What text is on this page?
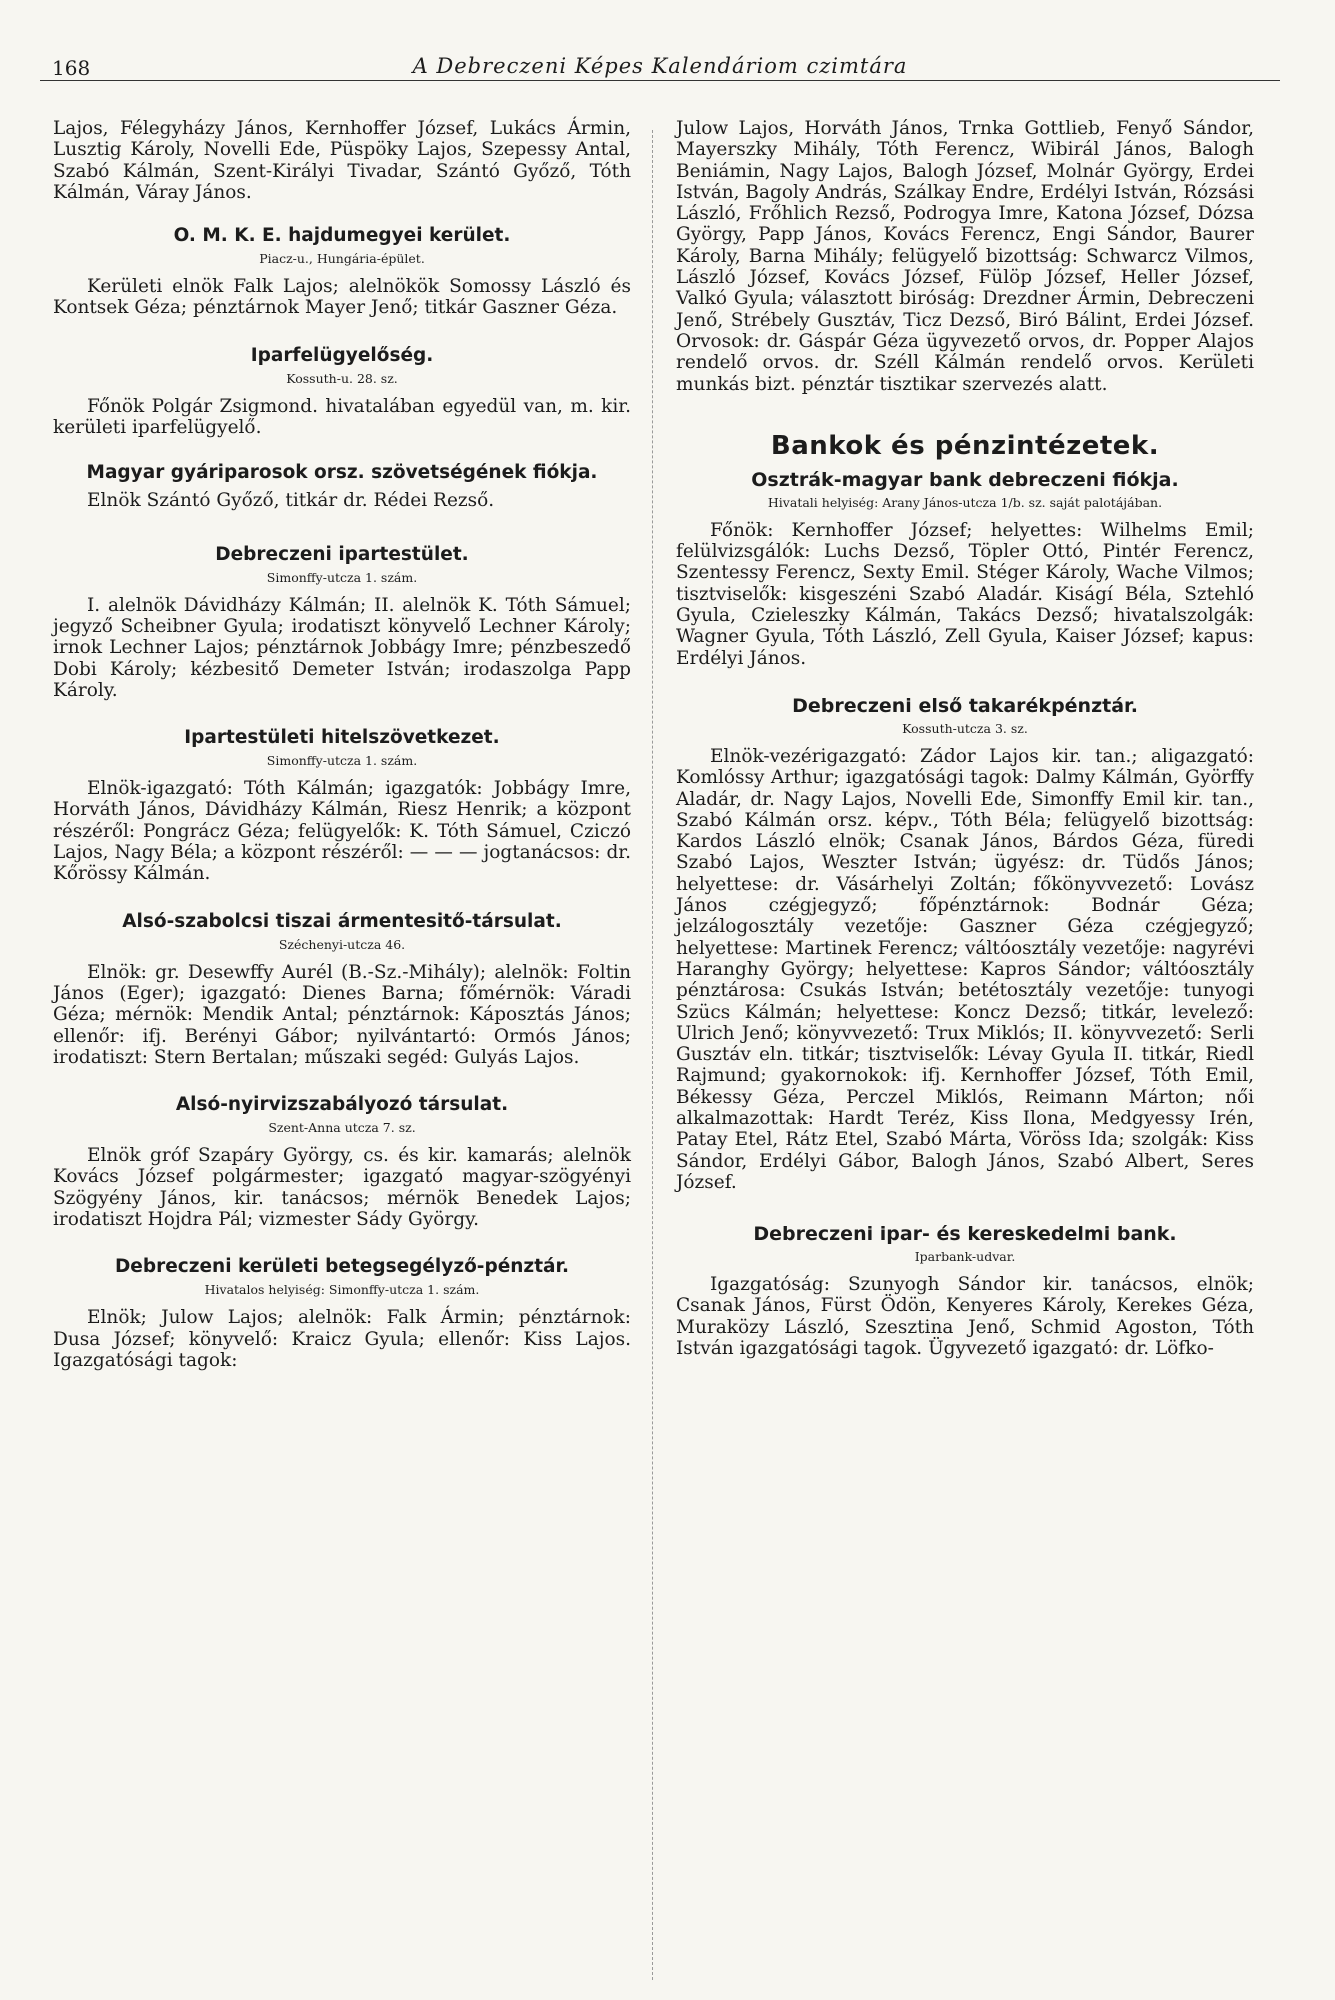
168	A Debreczeni Képes Kalendáriom czimtára

Lajos, Félegyházy János, Kernhoffer József, Lukács Ármin, Lusztig Károly, Novelli Ede, Püspöky Lajos, Szepessy Antal, Szabó Kálmán, Szent-Királyi Tivadar, Szántó Győző, Tóth Kálmán, Váray János.

O. M. K. E. hajdumegyei kerület.
Piacz-u., Hungária-épület.

Kerületi elnök Falk Lajos; alelnökök Somossy László és Kontsek Géza; pénztárnok Mayer Jenő; titkár Gaszner Géza.

Iparfelügyelőség.
Kossuth-u. 28. sz.

Főnök Polgár Zsigmond. hivatalában egyedül van, m. kir. kerületi iparfelügyelő.

Magyar gyáriparosok orsz. szövetségének fiókja.

Elnök Szántó Győző, titkár dr. Rédei Rezső.

Debreczeni ipartestület.
Simonffy-utcza 1. szám.

I. alelnök Dávidházy Kálmán; II. alelnök K. Tóth Sámuel; jegyző Scheibner Gyula; irodatiszt könyvelő Lechner Károly; irnok Lechner Lajos; pénztárnok Jobbágy Imre; pénzbeszedő Dobi Károly; kézbesitő Demeter István; irodaszolga Papp Károly.

Ipartestületi hitelszövetkezet.
Simonffy-utcza 1. szám.

Elnök-igazgató: Tóth Kálmán; igazgatók: Jobbágy Imre, Horváth János, Dávidházy Kálmán, Riesz Henrik; a központ részéről: Pongrácz Géza; felügyelők: K. Tóth Sámuel, Cziczó Lajos, Nagy Béla; a központ részéről: — — — jogtanácsos: dr. Kőrössy Kálmán.

Alsó-szabolcsi tiszai ármentesitő-társulat.
Széchenyi-utcza 46.

Elnök: gr. Desewffy Aurél (B.-Sz.-Mihály); alelnök: Foltin János (Eger); igazgató: Dienes Barna; főmérnök: Váradi Géza; mérnök: Mendik Antal; pénztárnok: Káposztás János; ellenőr: ifj. Berényi Gábor; nyilvántartó: Ormós János; irodatiszt: Stern Bertalan; műszaki segéd: Gulyás Lajos.

Alsó-nyirvizszabályozó társulat.
Szent-Anna utcza 7. sz.

Elnök gróf Szapáry György, cs. és kir. kamarás; alelnök Kovács József polgármester; igazgató magyar-szögyényi Szögyény János, kir. tanácsos; mérnök Benedek Lajos; irodatiszt Hojdra Pál; vizmester Sády György.

Debreczeni kerületi betegsegélyző-pénztár.
Hivatalos helyiség: Simonffy-utcza 1. szám.

Elnök; Julow Lajos; alelnök: Falk Ármin; pénztárnok: Dusa József; könyvelő: Kraicz Gyula; ellenőr: Kiss Lajos. Igazgatósági tagok:

Julow Lajos, Horváth János, Trnka Gottlieb, Fenyő Sándor, Mayerszky Mihály, Tóth Ferencz, Wibirál János, Balogh Beniámin, Nagy Lajos, Balogh József, Molnár György, Erdei István, Bagoly András, Szálkay Endre, Erdélyi István, Rózsási László, Frőhlich Rezső, Podrogya Imre, Katona József, Dózsa György, Papp János, Kovács Ferencz, Engi Sándor, Baurer Károly, Barna Mihály; felügyelő bizottság: Schwarcz Vilmos, László József, Kovács József, Fülöp József, Heller József, Valkó Gyula; választott biróság: Drezdner Ármin, Debreczeni Jenő, Strébely Gusztáv, Ticz Dezső, Biró Bálint, Erdei József. Orvosok: dr. Gáspár Géza ügyvezető orvos, dr. Popper Alajos rendelő orvos. dr. Széll Kálmán rendelő orvos. Kerületi munkás bizt. pénztár tisztikar szervezés alatt.

Bankok és pénzintézetek.
Osztrák-magyar bank debreczeni fiókja.
Hivatali helyiség: Arany János-utcza 1/b. sz. saját palotájában.

Főnök: Kernhoffer József; helyettes: Wilhelms Emil; felülvizsgálók: Luchs Dezső, Töpler Ottó, Pintér Ferencz, Szentessy Ferencz, Sexty Emil. Stéger Károly, Wache Vilmos; tisztviselők: kisgeszéni Szabó Aladár. Kiságí Béla, Sztehló Gyula, Czieleszky Kálmán, Takács Dezső; hivatalszolgák: Wagner Gyula, Tóth László, Zell Gyula, Kaiser József; kapus: Erdélyi János.

Debreczeni első takarékpénztár.
Kossuth-utcza 3. sz.

Elnök-vezérigazgató: Zádor Lajos kir. tan.; aligazgató: Komlóssy Arthur; igazgatósági tagok: Dalmy Kálmán, Györffy Aladár, dr. Nagy Lajos, Novelli Ede, Simonffy Emil kir. tan., Szabó Kálmán orsz. képv., Tóth Béla; felügyelő bizottság: Kardos László elnök; Csanak János, Bárdos Géza, füredi Szabó Lajos, Weszter István; ügyész: dr. Tüdős János; helyettese: dr. Vásárhelyi Zoltán; főkönyvvezető: Lovász János czégjegyző; főpénztárnok: Bodnár Géza; jelzálogosztály vezetője: Gaszner Géza czégjegyző; helyettese: Martinek Ferencz; váltóosztály vezetője: nagyrévi Haranghy György; helyettese: Kapros Sándor; váltóosztály pénztárosa: Csukás István; betétosztály vezetője: tunyogi Szücs Kálmán; helyettese: Koncz Dezső; titkár, levelező: Ulrich Jenő; könyvvezető: Trux Miklós; II. könyvvezető: Serli Gusztáv eln. titkár; tisztviselők: Lévay Gyula II. titkár, Riedl Rajmund; gyakornokok: ifj. Kernhoffer József, Tóth Emil, Békessy Géza, Perczel Miklós, Reimann Márton; női alkalmazottak: Hardt Teréz, Kiss Ilona, Medgyessy Irén, Patay Etel, Rátz Etel, Szabó Márta, Vöröss Ida; szolgák: Kiss Sándor, Erdélyi Gábor, Balogh János, Szabó Albert, Seres József.

Debreczeni ipar- és kereskedelmi bank.
Iparbank-udvar.

Igazgatóság: Szunyogh Sándor kir. tanácsos, elnök; Csanak János, Fürst Ödön, Kenyeres Károly, Kerekes Géza, Muraközy László, Szesztina Jenő, Schmid Agoston, Tóth István igazgatósági tagok. Ügyvezető igazgató: dr. Löfko-
